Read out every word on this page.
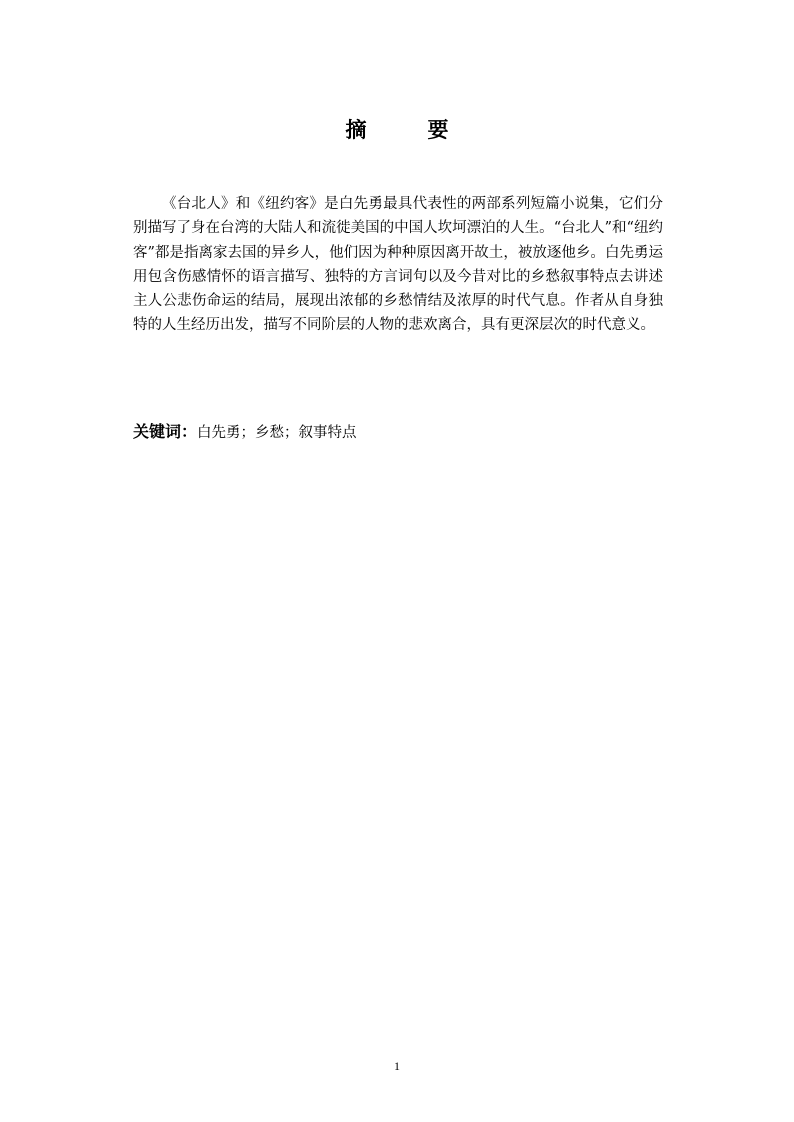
摘　要

《台北人》和《纽约客》是白先勇最具代表性的两部系列短篇小说集，它们分别描写了身在台湾的大陆人和流徙美国的中国人坎坷漂泊的人生。“台北人”和“纽约客”都是指离家去国的异乡人，他们因为种种原因离开故土，被放逐他乡。白先勇运用包含伤感情怀的语言描写、独特的方言词句以及今昔对比的乡愁叙事特点去讲述主人公悲伤命运的结局，展现出浓郁的乡愁情结及浓厚的时代气息。作者从自身独特的人生经历出发，描写不同阶层的人物的悲欢离合，具有更深层次的时代意义。

关键词：白先勇；乡愁；叙事特点
1
